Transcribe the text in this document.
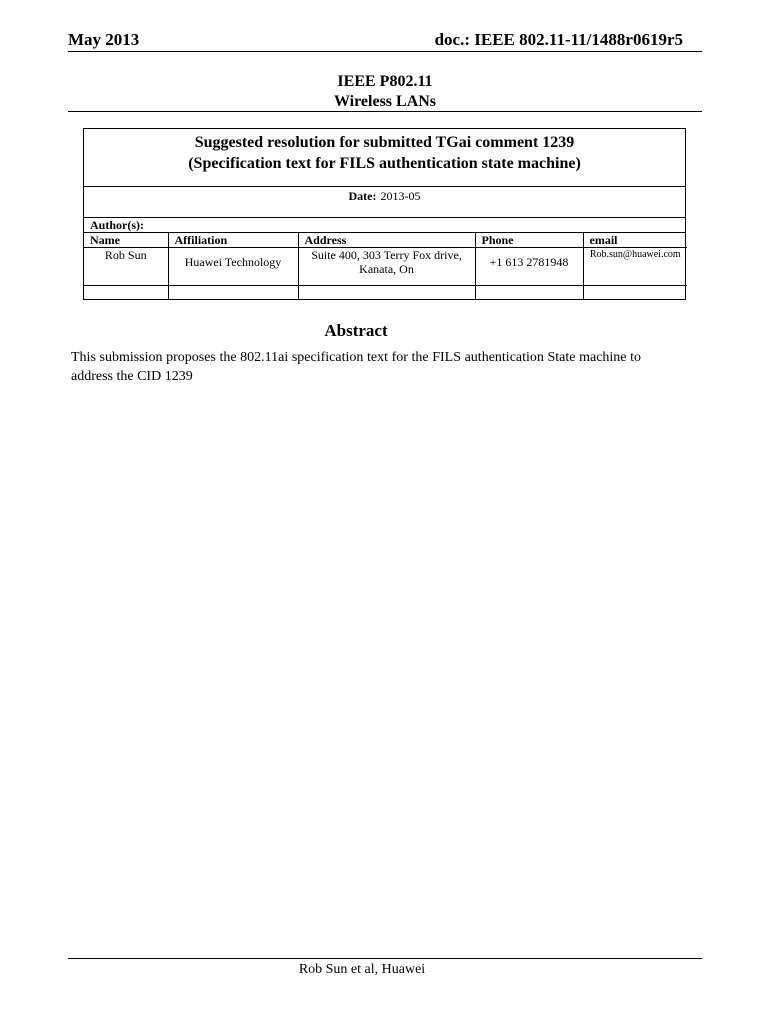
May 2013	doc.: IEEE 802.11-11/1488r0619r5
IEEE P802.11
Wireless LANs
Suggested resolution for submitted TGai comment 1239
(Specification text for FILS authentication state machine)
Date: 2013-05
Author(s):
Name	Affiliation	Address	Phone	email
Rob Sun	Huawei Technology	Suite 400, 303 Terry Fox drive, Kanata, On	+1 613 2781948	Rob.sun@huawei.com

Abstract
This submission proposes the 802.11ai specification text for the FILS authentication State machine to address the CID 1239
Rob Sun et al, Huawei
